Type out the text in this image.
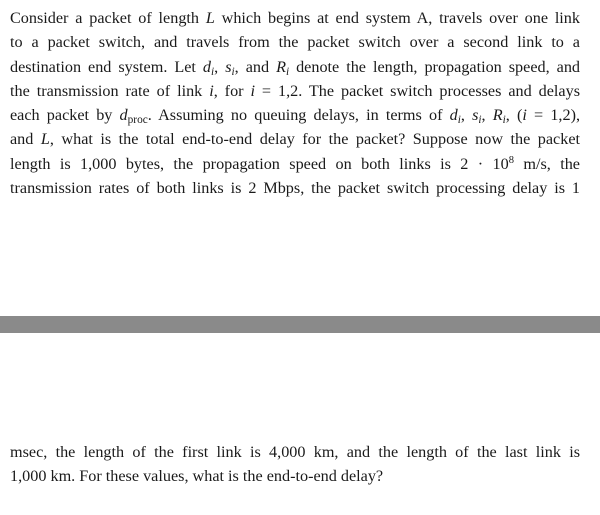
Consider a packet of length L which begins at end system A, travels over one link
to a packet switch, and travels from the packet switch over a second link to a
destination end system. Let $d_i$, $s_i$, and $R_i$ denote the length, propagation speed, and
the transmission rate of link i, for i = 1,2. The packet switch processes and delays
each packet by $d_{proc}$. Assuming no queuing delays, in terms of $d_i$, $s_i$, $R_i$, (i = 1,2),
and L, what is the total end-to-end delay for the packet? Suppose now the packet
length is 1,000 bytes, the propagation speed on both links is $2 \cdot 10^8$ m/s, the
transmission rates of both links is 2 Mbps, the packet switch processing delay is 1
msec, the length of the first link is 4,000 km, and the length of the last link is
1,000 km. For these values, what is the end-to-end delay?
